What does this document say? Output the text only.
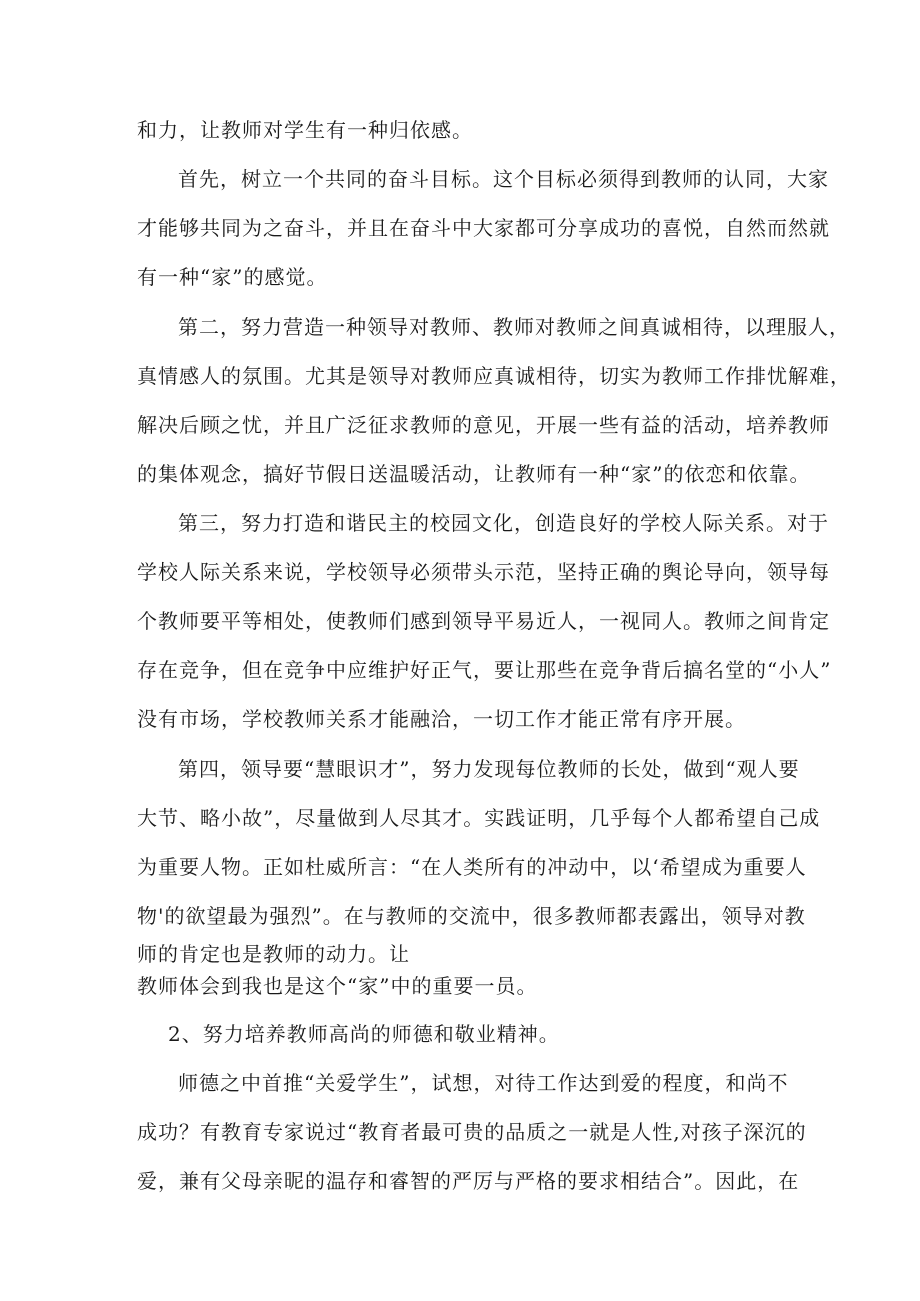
和力，让教师对学生有一种归依感。
首先，树立一个共同的奋斗目标。这个目标必须得到教师的认同，大家
才能够共同为之奋斗，并且在奋斗中大家都可分享成功的喜悦，自然而然就
有一种“家”的感觉。
第二，努力营造一种领导对教师、教师对教师之间真诚相待，以理服人，
真情感人的氛围。尤其是领导对教师应真诚相待，切实为教师工作排忧解难，
解决后顾之忧，并且广泛征求教师的意见，开展一些有益的活动，培养教师
的集体观念，搞好节假日送温暖活动，让教师有一种“家”的依恋和依靠。
第三，努力打造和谐民主的校园文化，创造良好的学校人际关系。对于
学校人际关系来说，学校领导必须带头示范，坚持正确的舆论导向，领导每
个教师要平等相处，使教师们感到领导平易近人，一视同人。教师之间肯定
存在竞争，但在竞争中应维护好正气，要让那些在竞争背后搞名堂的“小人”
没有市场，学校教师关系才能融洽，一切工作才能正常有序开展。
第四，领导要“慧眼识才”，努力发现每位教师的长处，做到“观人要
大节、略小故”，尽量做到人尽其才。实践证明，几乎每个人都希望自己成
为重要人物。正如杜威所言：“在人类所有的冲动中，以‘希望成为重要人
物'的欲望最为强烈”。在与教师的交流中，很多教师都表露出，领导对教
师的肯定也是教师的动力。让
教师体会到我也是这个“家”中的重要一员。
2、努力培养教师高尚的师德和敬业精神。
师德之中首推“关爱学生”，试想，对待工作达到爱的程度，和尚不
成功？有教育专家说过“教育者最可贵的品质之一就是人性,对孩子深沉的
爱，兼有父母亲昵的温存和睿智的严厉与严格的要求相结合”。因此，在
